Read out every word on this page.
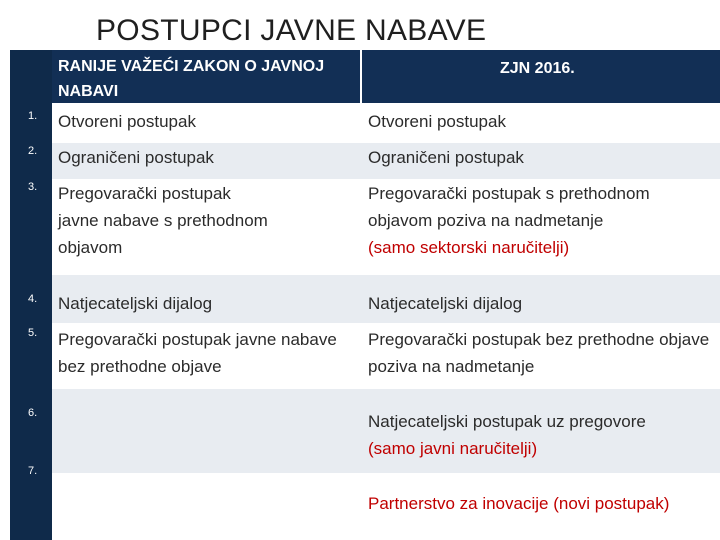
POSTUPCI JAVNE NABAVE
RANIJE VAŽEĆI ZAKON O JAVNOJ NABAVI
ZJN 2016.
1.
2.
3.
4.
5.
6.
7.
Otvoreni postupak
Ograničeni postupak
Pregovarački postupak javne nabave s prethodnom objavom
Natjecateljski dijalog
Pregovarački postupak javne nabave bez prethodne objave
Otvoreni postupak
Ograničeni postupak
Pregovarački postupak s prethodnom objavom poziva na nadmetanje
(samo sektorski naručitelji)
Natjecateljski dijalog
Pregovarački postupak bez prethodne objave poziva na nadmetanje
Natjecateljski postupak uz pregovore
(samo javni naručitelji)
Partnerstvo za inovacije (novi postupak)
